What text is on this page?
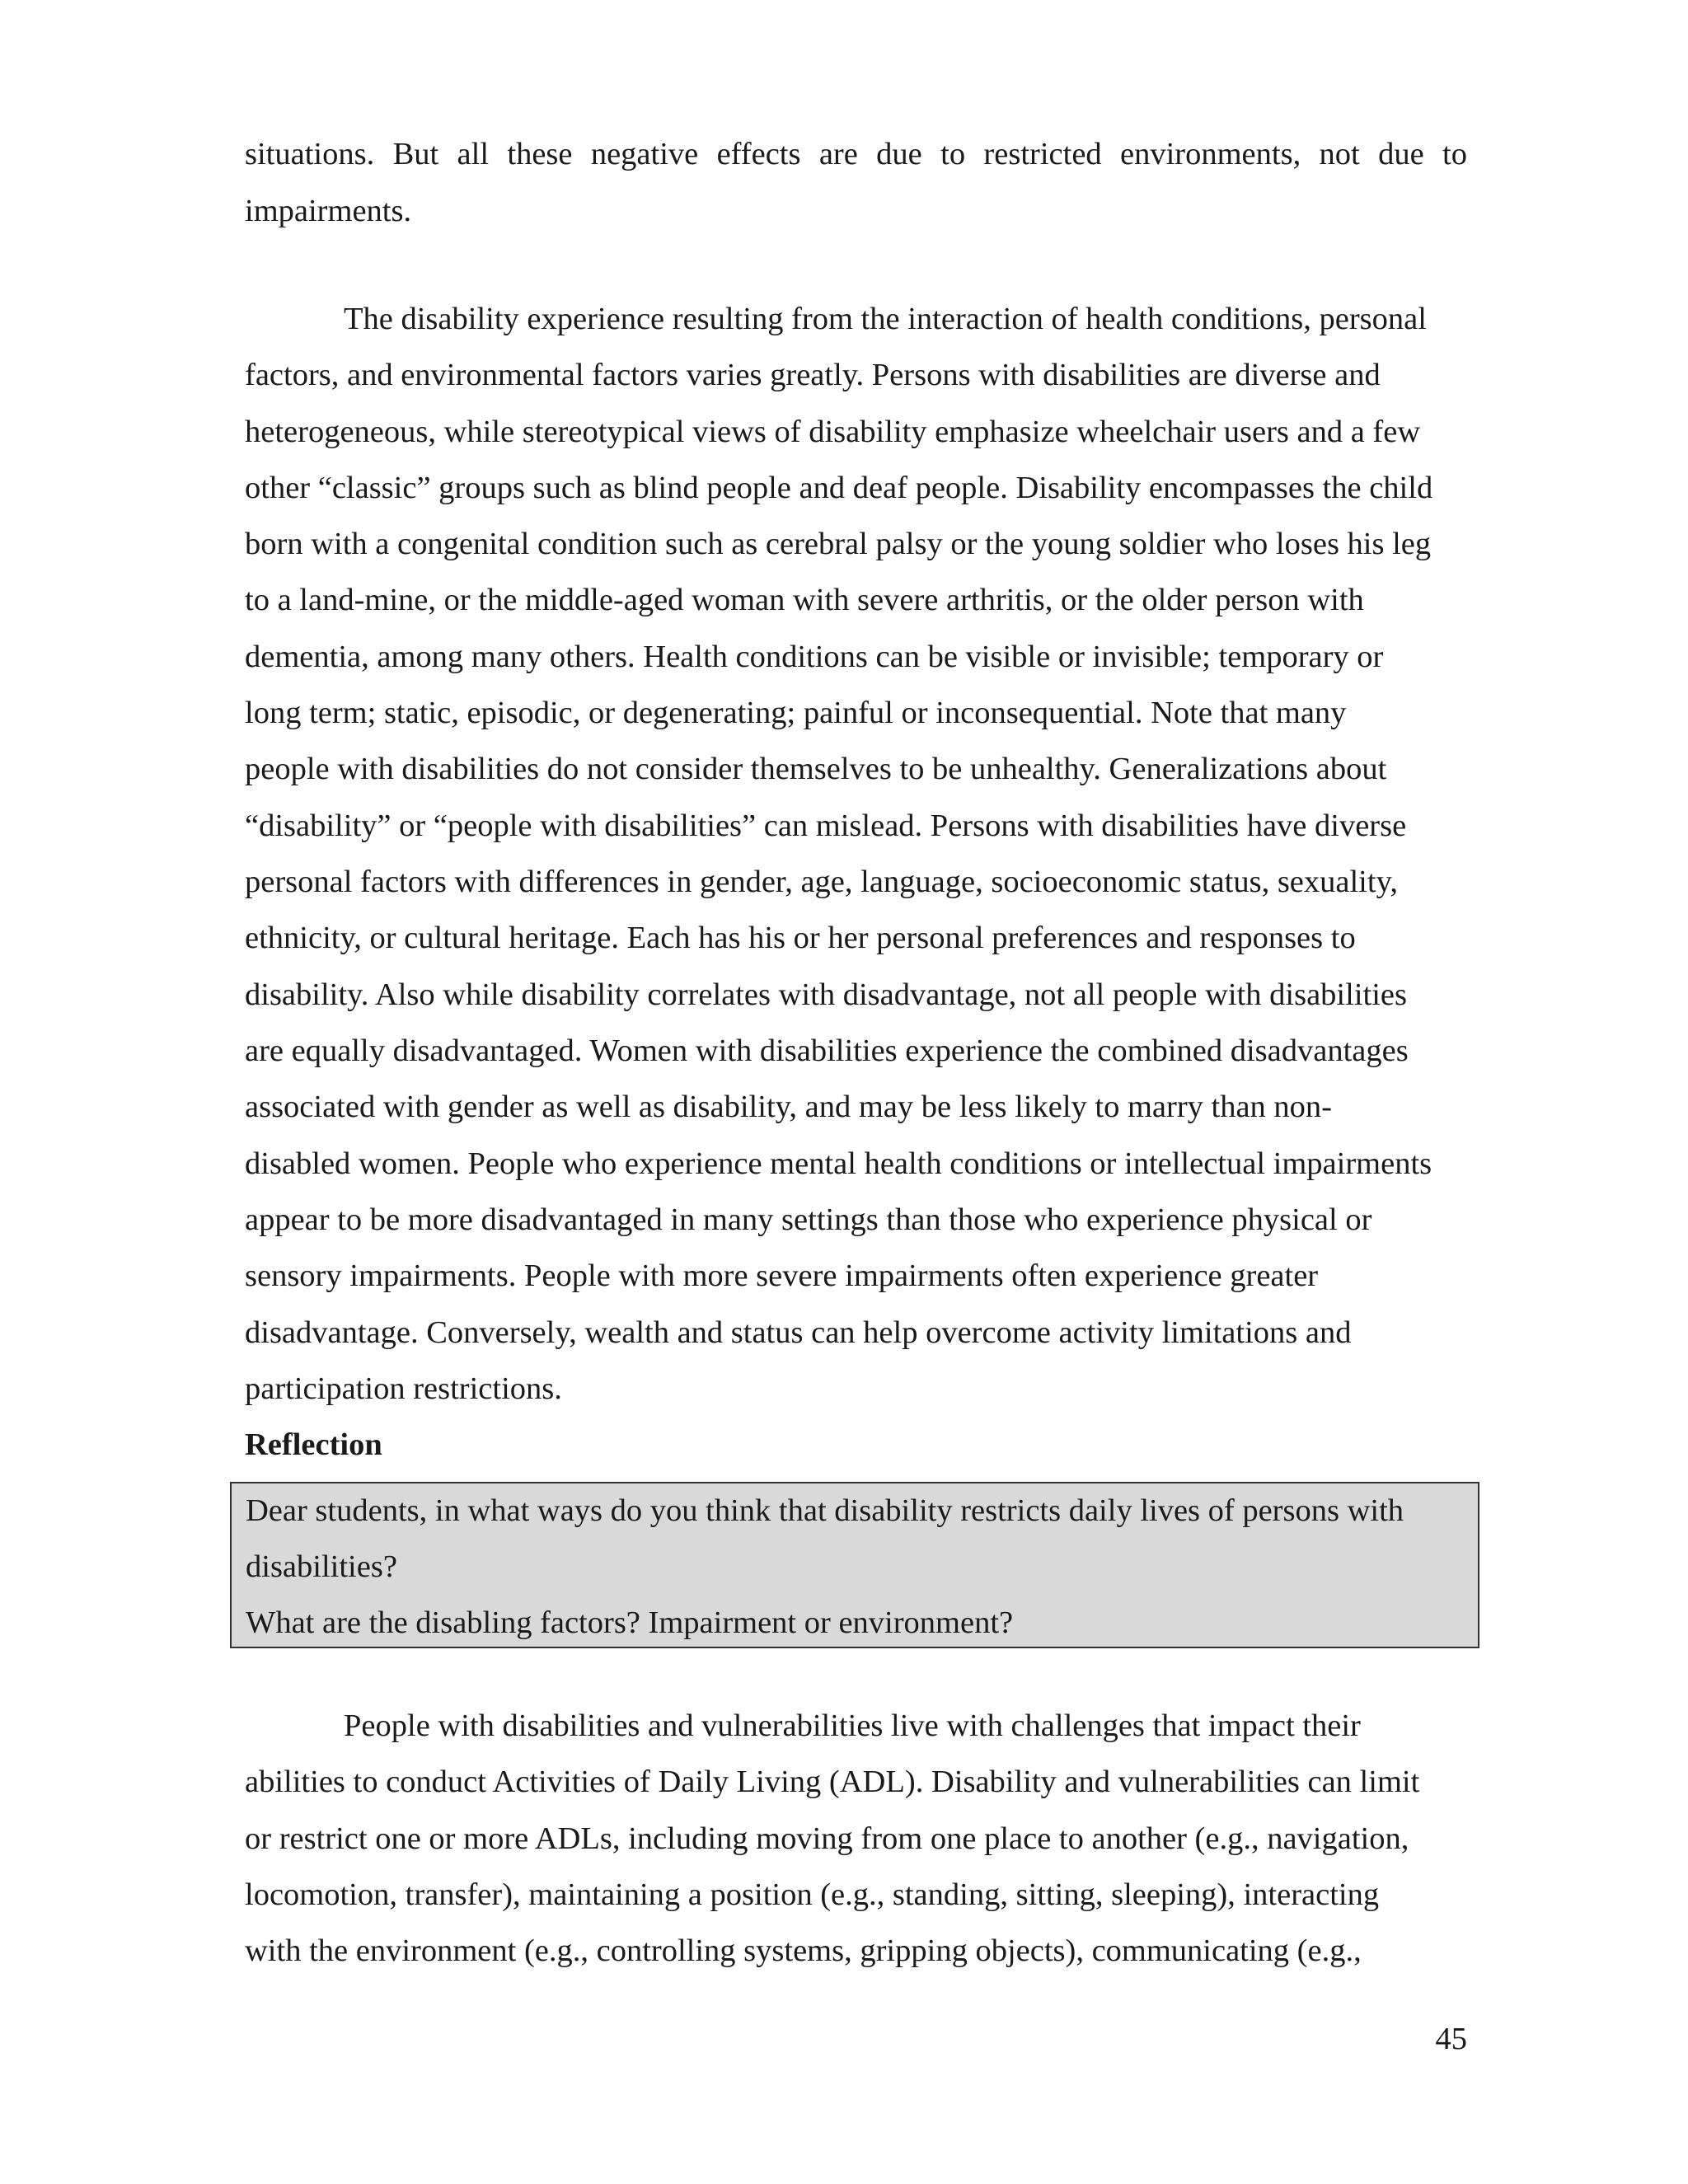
situations. But all these negative effects are due to restricted environments, not due to
impairments.
The disability experience resulting from the interaction of health conditions, personal
factors, and environmental factors varies greatly. Persons with disabilities are diverse and
heterogeneous, while stereotypical views of disability emphasize wheelchair users and a few
other “classic” groups such as blind people and deaf people. Disability encompasses the child
born with a congenital condition such as cerebral palsy or the young soldier who loses his leg
to a land-mine, or the middle-aged woman with severe arthritis, or the older person with
dementia, among many others. Health conditions can be visible or invisible; temporary or
long term; static, episodic, or degenerating; painful or inconsequential. Note that many
people with disabilities do not consider themselves to be unhealthy. Generalizations about
“disability” or “people with disabilities” can mislead. Persons with disabilities have diverse
personal factors with differences in gender, age, language, socioeconomic status, sexuality,
ethnicity, or cultural heritage. Each has his or her personal preferences and responses to
disability. Also while disability correlates with disadvantage, not all people with disabilities
are equally disadvantaged. Women with disabilities experience the combined disadvantages
associated with gender as well as disability, and may be less likely to marry than non-
disabled women. People who experience mental health conditions or intellectual impairments
appear to be more disadvantaged in many settings than those who experience physical or
sensory impairments. People with more severe impairments often experience greater
disadvantage. Conversely, wealth and status can help overcome activity limitations and
participation restrictions.
Reflection
Dear students, in what ways do you think that disability restricts daily lives of persons with
disabilities?
What are the disabling factors? Impairment or environment?
People with disabilities and vulnerabilities live with challenges that impact their
abilities to conduct Activities of Daily Living (ADL). Disability and vulnerabilities can limit
or restrict one or more ADLs, including moving from one place to another (e.g., navigation,
locomotion, transfer), maintaining a position (e.g., standing, sitting, sleeping), interacting
with the environment (e.g., controlling systems, gripping objects), communicating (e.g.,
45
